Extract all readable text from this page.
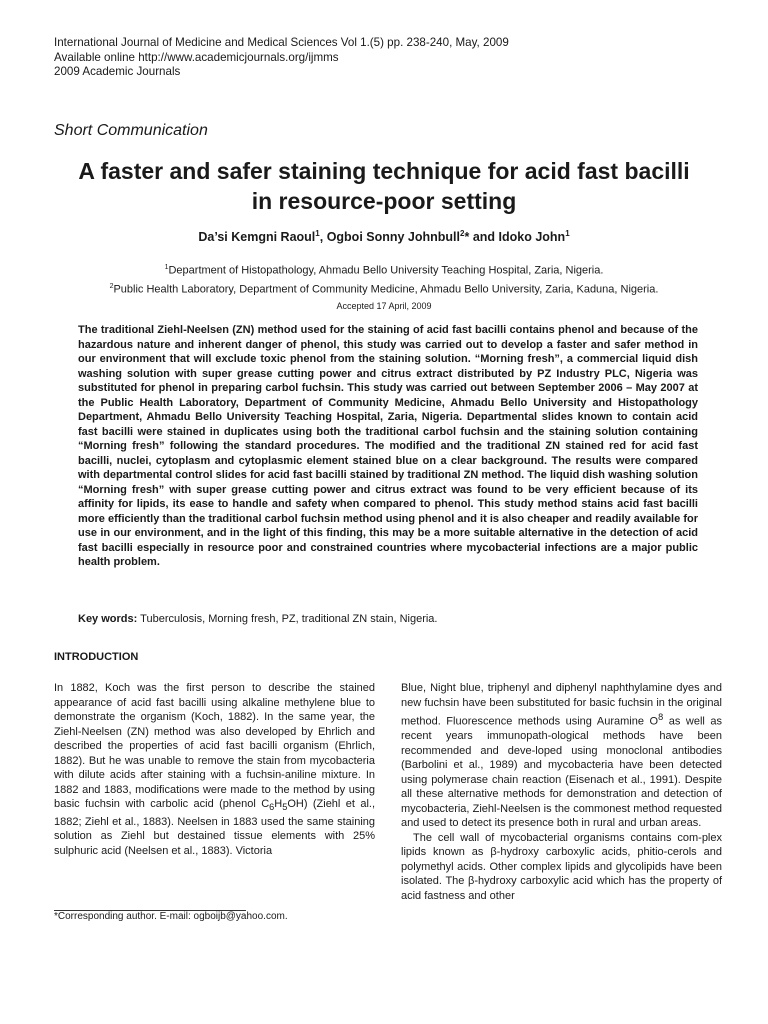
International Journal of Medicine and Medical Sciences Vol 1.(5) pp. 238-240, May, 2009
Available online http://www.academicjournals.org/ijmms
2009 Academic Journals
Short Communication
A faster and safer staining technique for acid fast bacilli
in resource-poor setting
Da’si Kemgni Raoul$^1$, Ogboi Sonny Johnbull$^2$* and Idoko John$^1$
$^1$Department of Histopathology, Ahmadu Bello University Teaching Hospital, Zaria, Nigeria.
$^2$Public Health Laboratory, Department of Community Medicine, Ahmadu Bello University, Zaria, Kaduna, Nigeria.
Accepted 17 April, 2009
The traditional Ziehl-Neelsen (ZN) method used for the staining of acid fast bacilli contains phenol and because of the hazardous nature and inherent danger of phenol, this study was carried out to develop a faster and safer method in our environment that will exclude toxic phenol from the staining solution. “Morning fresh”, a commercial liquid dish washing solution with super grease cutting power and citrus extract distributed by PZ Industry PLC, Nigeria was substituted for phenol in preparing carbol fuchsin. This study was carried out between September 2006 – May 2007 at the Public Health Laboratory, Department of Community Medicine, Ahmadu Bello University and Histopathology Department, Ahmadu Bello University Teaching Hospital, Zaria, Nigeria. Departmental slides known to contain acid fast bacilli were stained in duplicates using both the traditional carbol fuchsin and the staining solution containing “Morning fresh” following the standard procedures. The modified and the traditional ZN stained red for acid fast bacilli, nuclei, cytoplasm and cytoplasmic element stained blue on a clear background. The results were compared with departmental control slides for acid fast bacilli stained by traditional ZN method. The liquid dish washing solution “Morning fresh” with super grease cutting power and citrus extract was found to be very efficient because of its affinity for lipids, its ease to handle and safety when compared to phenol. This study method stains acid fast bacilli more efficiently than the traditional carbol fuchsin method using phenol and it is also cheaper and readily available for use in our environment, and in the light of this finding, this may be a more suitable alternative in the detection of acid fast bacilli especially in resource poor and constrained countries where mycobacterial infections are a major public health problem.
Key words: Tuberculosis, Morning fresh, PZ, traditional ZN stain, Nigeria.
INTRODUCTION

In 1882, Koch was the first person to describe the stained appearance of acid fast bacilli using alkaline methylene blue to demonstrate the organism (Koch, 1882). In the same year, the Ziehl-Neelsen (ZN) method was also developed by Ehrlich and described the properties of acid fast bacilli organism (Ehrlich, 1882). But he was unable to remove the stain from mycobacteria with dilute acids after staining with a fuchsin-aniline mixture. In 1882 and 1883, modifications were made to the method by using basic fuchsin with carbolic acid (phenol $C_6H_5OH$) (Ziehl et al., 1882; Ziehl et al., 1883). Neelsen in 1883 used the same staining solution as Ziehl but destained tissue elements with 25% sulphuric acid (Neelsen et al., 1883). Victoria

Blue, Night blue, triphenyl and diphenyl naphthylamine dyes and new fuchsin have been substituted for basic fuchsin in the original method. Fluorescence methods using Auramine $O^8$ as well as recent years immunopath-ological methods have been recommended and deve-loped using monoclonal antibodies (Barbolini et al., 1989) and mycobacteria have been detected using polymerase chain reaction (Eisenach et al., 1991). Despite all these alternative methods for demonstration and detection of mycobacteria, Ziehl-Neelsen is the commonest method requested and used to detect its presence both in rural and urban areas.

The cell wall of mycobacterial organisms contains com-plex lipids known as β-hydroxy carboxylic acids, phitio-cerols and polymethyl acids. Other complex lipids and glycolipids have been isolated. The β-hydroxy carboxylic acid which has the property of acid fastness and other

*Corresponding author. E-mail: ogboijb@yahoo.com.
